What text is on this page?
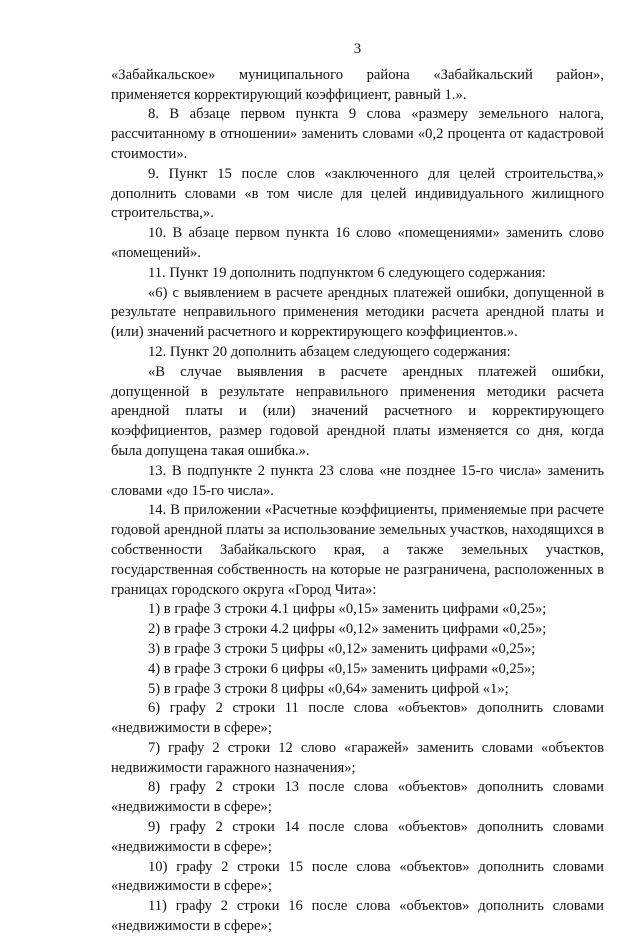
3

«Забайкальское» муниципального района «Забайкальский район», применяется корректирующий коэффициент, равный 1.».

8. В абзаце первом пункта 9 слова «размеру земельного налога, рассчитанному в отношении» заменить словами «0,2 процента от кадастровой стоимости».

9. Пункт 15 после слов «заключенного для целей строительства,» дополнить словами «в том числе для целей индивидуального жилищного строительства,».

10. В абзаце первом пункта 16 слово «помещениями» заменить слово «помещений».

11. Пункт 19 дополнить подпунктом 6 следующего содержания:

«6) с выявлением в расчете арендных платежей ошибки, допущенной в результате неправильного применения методики расчета арендной платы и (или) значений расчетного и корректирующего коэффициентов.».

12. Пункт 20 дополнить абзацем следующего содержания:

«В случае выявления в расчете арендных платежей ошибки, допущенной в результате неправильного применения методики расчета арендной платы и (или) значений расчетного и корректирующего коэффициентов, размер годовой арендной платы изменяется со дня, когда была допущена такая ошибка.».

13. В подпункте 2 пункта 23 слова «не позднее 15-го числа» заменить словами «до 15-го числа».

14. В приложении «Расчетные коэффициенты, применяемые при расчете годовой арендной платы за использование земельных участков, находящихся в собственности Забайкальского края, а также земельных участков, государственная собственность на которые не разграничена, расположенных в границах городского округа «Город Чита»:

1) в графе 3 строки 4.1 цифры «0,15» заменить цифрами «0,25»;

2) в графе 3 строки 4.2 цифры «0,12» заменить цифрами «0,25»;

3) в графе 3 строки 5 цифры «0,12» заменить цифрами «0,25»;

4) в графе 3 строки 6 цифры «0,15» заменить цифрами «0,25»;

5) в графе 3 строки 8 цифры «0,64» заменить цифрой «1»;

6) графу 2 строки 11 после слова «объектов» дополнить словами «недвижимости в сфере»;

7) графу 2 строки 12 слово «гаражей» заменить словами «объектов недвижимости гаражного назначения»;

8) графу 2 строки 13 после слова «объектов» дополнить словами «недвижимости в сфере»;

9) графу 2 строки 14 после слова «объектов» дополнить словами «недвижимости в сфере»;

10) графу 2 строки 15 после слова «объектов» дополнить словами «недвижимости в сфере»;

11) графу 2 строки 16 после слова «объектов» дополнить словами «недвижимости в сфере»;
